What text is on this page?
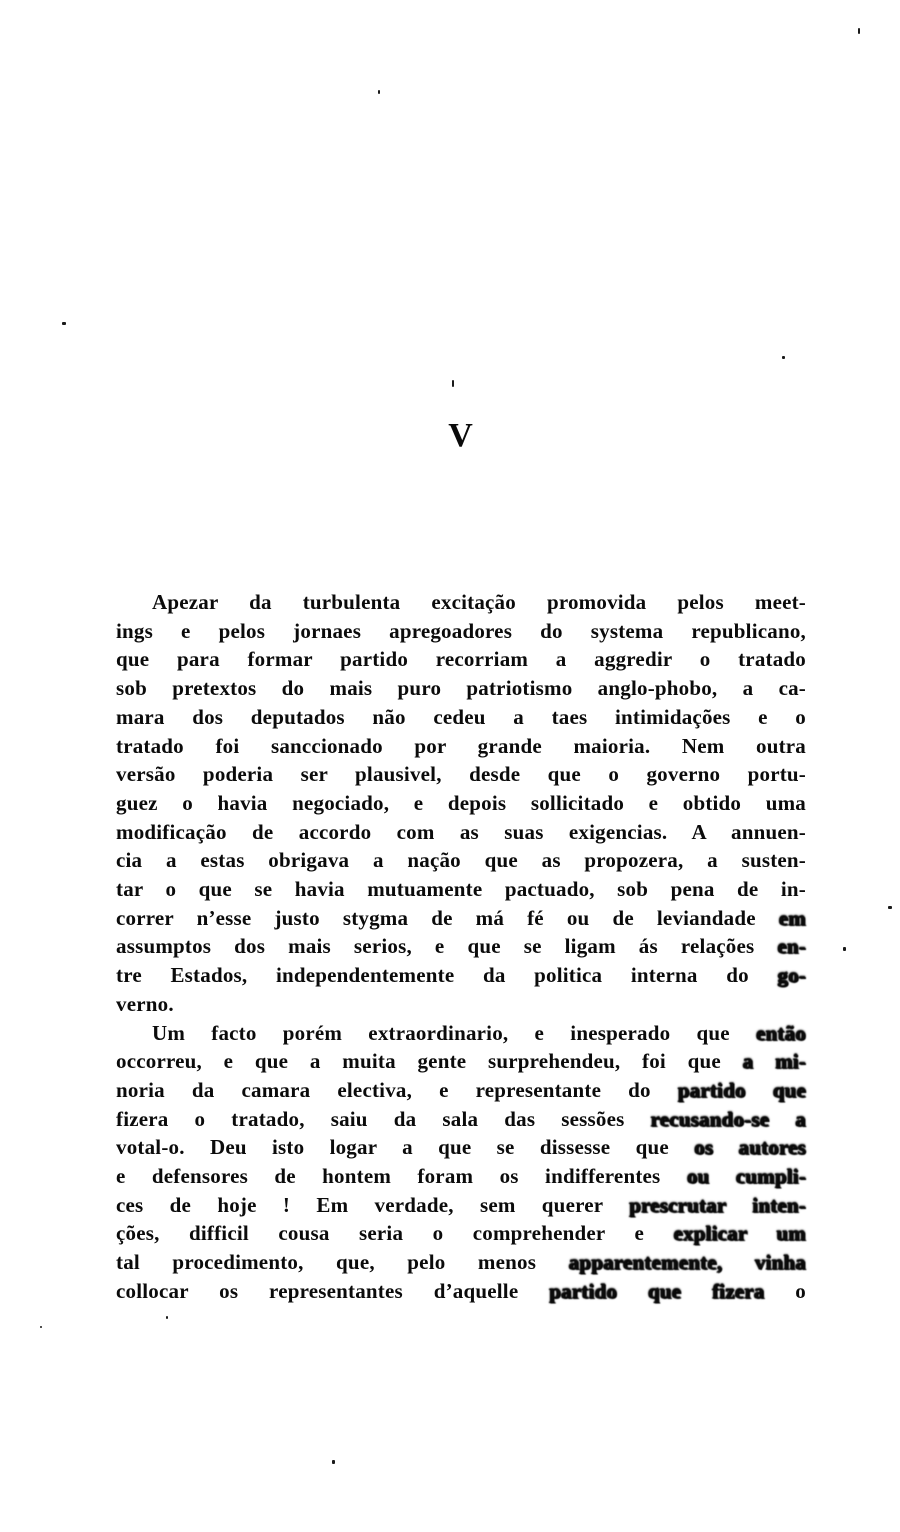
V
Apezar da turbulenta excitação promovida pelos meet-
ings e pelos jornaes apregoadores do systema republicano,
que para formar partido recorriam a aggredir o tratado
sob pretextos do mais puro patriotismo anglo-phobo, a ca-
mara dos deputados não cedeu a taes intimidações e o
tratado foi sanccionado por grande maioria. Nem outra
versão poderia ser plausivel, desde que o governo portu-
guez o havia negociado, e depois sollicitado e obtido uma
modificação de accordo com as suas exigencias. A annuen-
cia a estas obrigava a nação que as propozera, a susten-
tar o que se havia mutuamente pactuado, sob pena de in-
correr n’esse justo stygma de má fé ou de leviandade em
assumptos dos mais serios, e que se ligam ás relações en-
tre Estados, independentemente da politica interna do go-
verno.
Um facto porém extraordinario, e inesperado que então
occorreu, e que a muita gente surprehendeu, foi que a mi-
noria da camara electiva, e representante do partido que
fizera o tratado, saiu da sala das sessões recusando-se a
votal-o. Deu isto logar a que se dissesse que os autores
e defensores de hontem foram os indifferentes ou cumpli-
ces de hoje ! Em verdade, sem querer prescrutar inten-
ções, difficil cousa seria o comprehender e explicar um
tal procedimento, que, pelo menos apparentemente, vinha
collocar os representantes d’aquelle partido que fizera o
